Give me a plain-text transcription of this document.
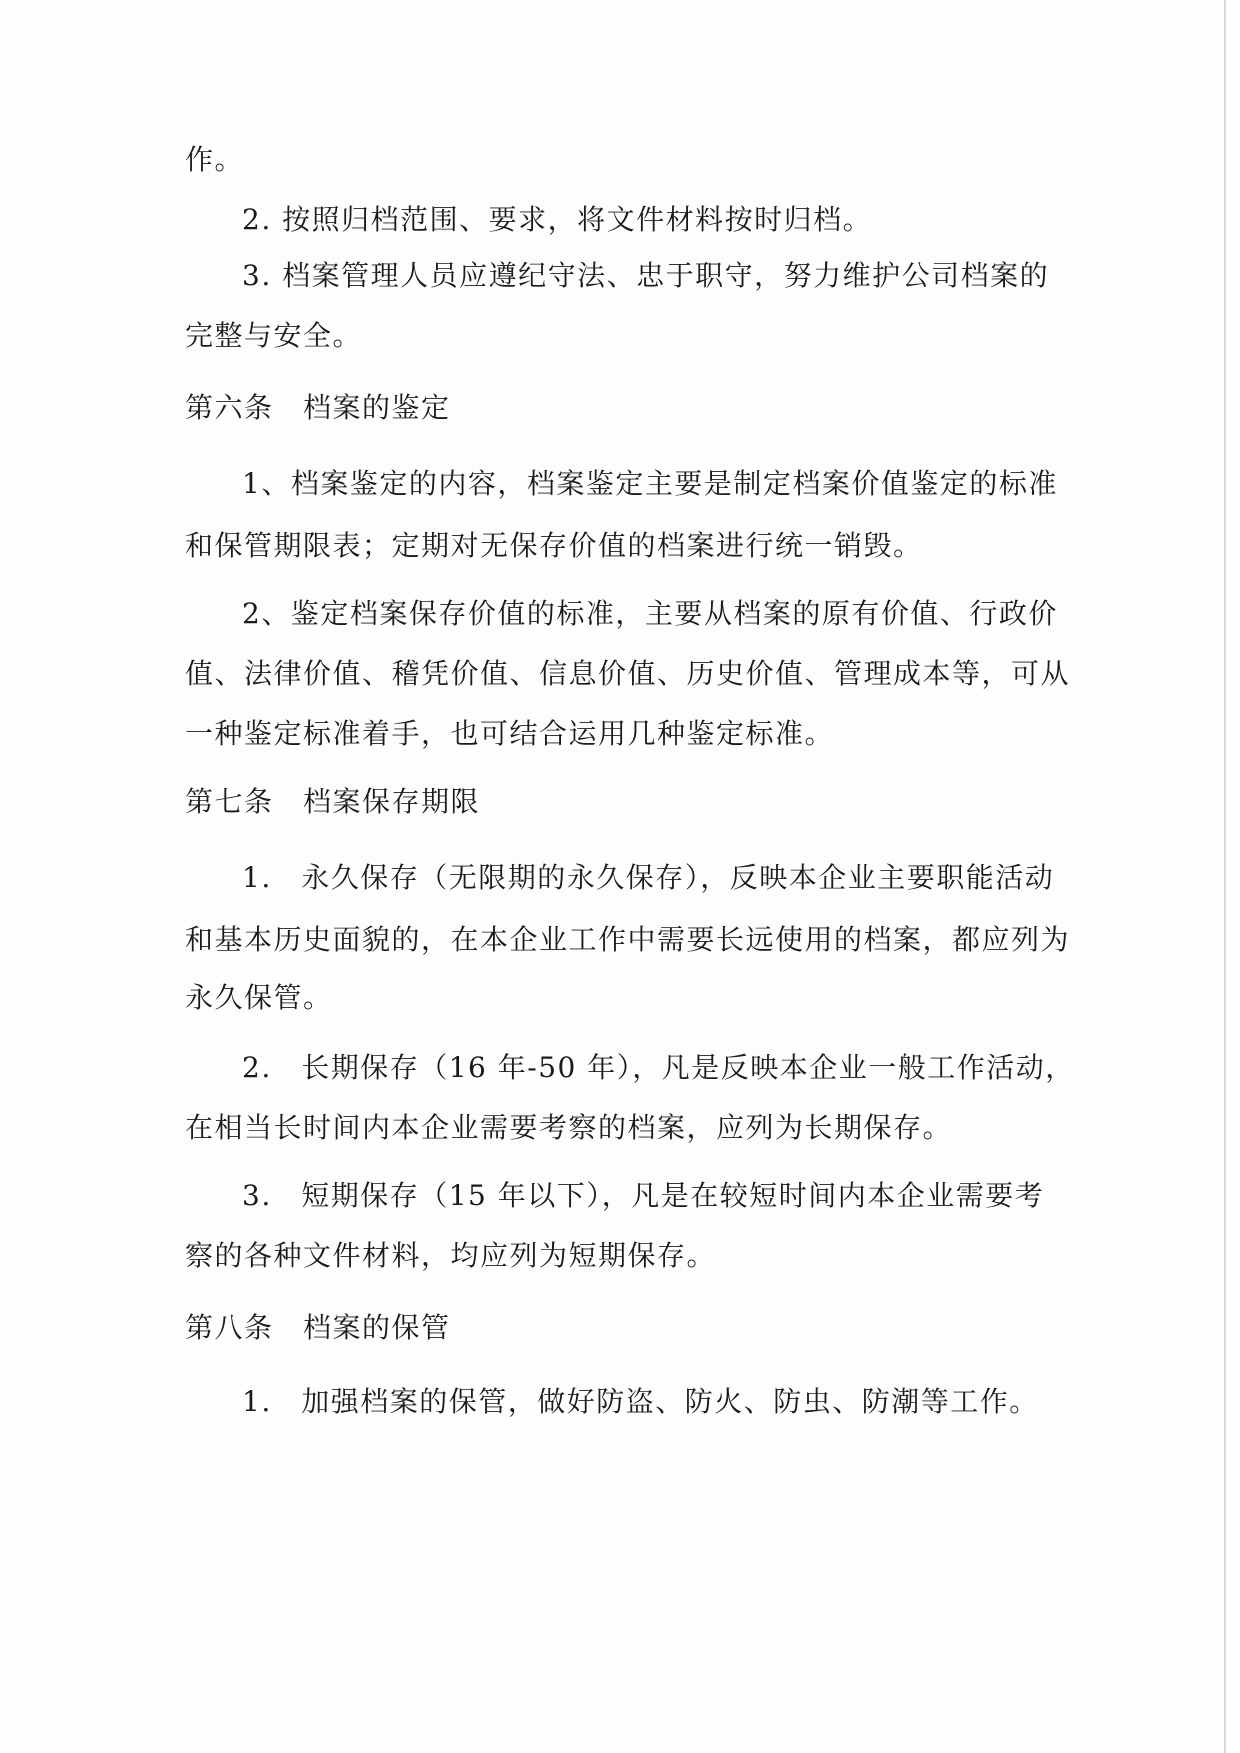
作。
2. 按照归档范围、要求，将文件材料按时归档。
3. 档案管理人员应遵纪守法、忠于职守，努力维护公司档案的
完整与安全。
第六条　档案的鉴定
1、档案鉴定的内容，档案鉴定主要是制定档案价值鉴定的标准
和保管期限表；定期对无保存价值的档案进行统一销毁。
2、鉴定档案保存价值的标准，主要从档案的原有价值、行政价
值、法律价值、稽凭价值、信息价值、历史价值、管理成本等，可从
一种鉴定标准着手，也可结合运用几种鉴定标准。
第七条　档案保存期限
1.　永久保存（无限期的永久保存），反映本企业主要职能活动
和基本历史面貌的，在本企业工作中需要长远使用的档案，都应列为
永久保管。
2.　长期保存（16 年-50 年），凡是反映本企业一般工作活动，
在相当长时间内本企业需要考察的档案，应列为长期保存。
3.　短期保存（15 年以下），凡是在较短时间内本企业需要考
察的各种文件材料，均应列为短期保存。
第八条　档案的保管
1.　加强档案的保管，做好防盗、防火、防虫、防潮等工作。
